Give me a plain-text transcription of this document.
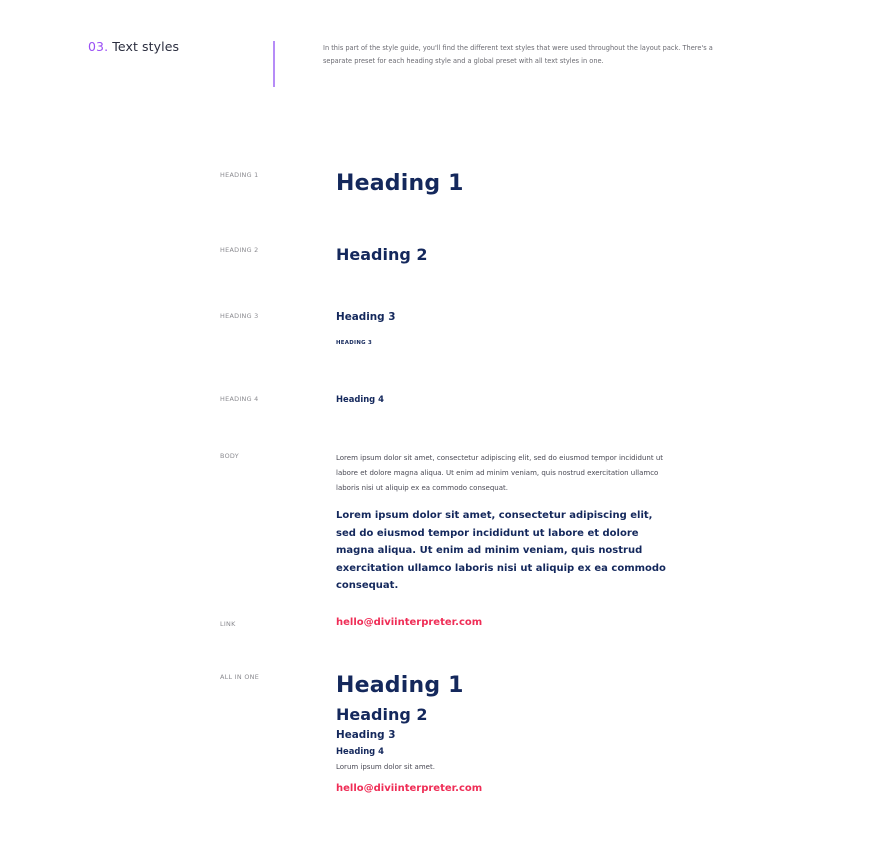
03. Text styles	In this part of the style guide, you'll find the different text styles that were used throughout the layout pack. There's a separate preset for each heading style and a global preset with all text styles in one.

HEADING 1	Heading 1
HEADING 2	Heading 2
HEADING 3	Heading 3
HEADING 3
HEADING 4	Heading 4
BODY	Lorem ipsum dolor sit amet, consectetur adipiscing elit, sed do eiusmod tempor incididunt ut labore et dolore magna aliqua. Ut enim ad minim veniam, quis nostrud exercitation ullamco laboris nisi ut aliquip ex ea commodo consequat.

Lorem ipsum dolor sit amet, consectetur adipiscing elit, sed do eiusmod tempor incididunt ut labore et dolore magna aliqua. Ut enim ad minim veniam, quis nostrud exercitation ullamco laboris nisi ut aliquip ex ea commodo consequat.

LINK	hello@diviinterpreter.com
ALL IN ONE	Heading 1
Heading 2
Heading 3
Heading 4
Lorum ipsum dolor sit amet.
hello@diviinterpreter.com
